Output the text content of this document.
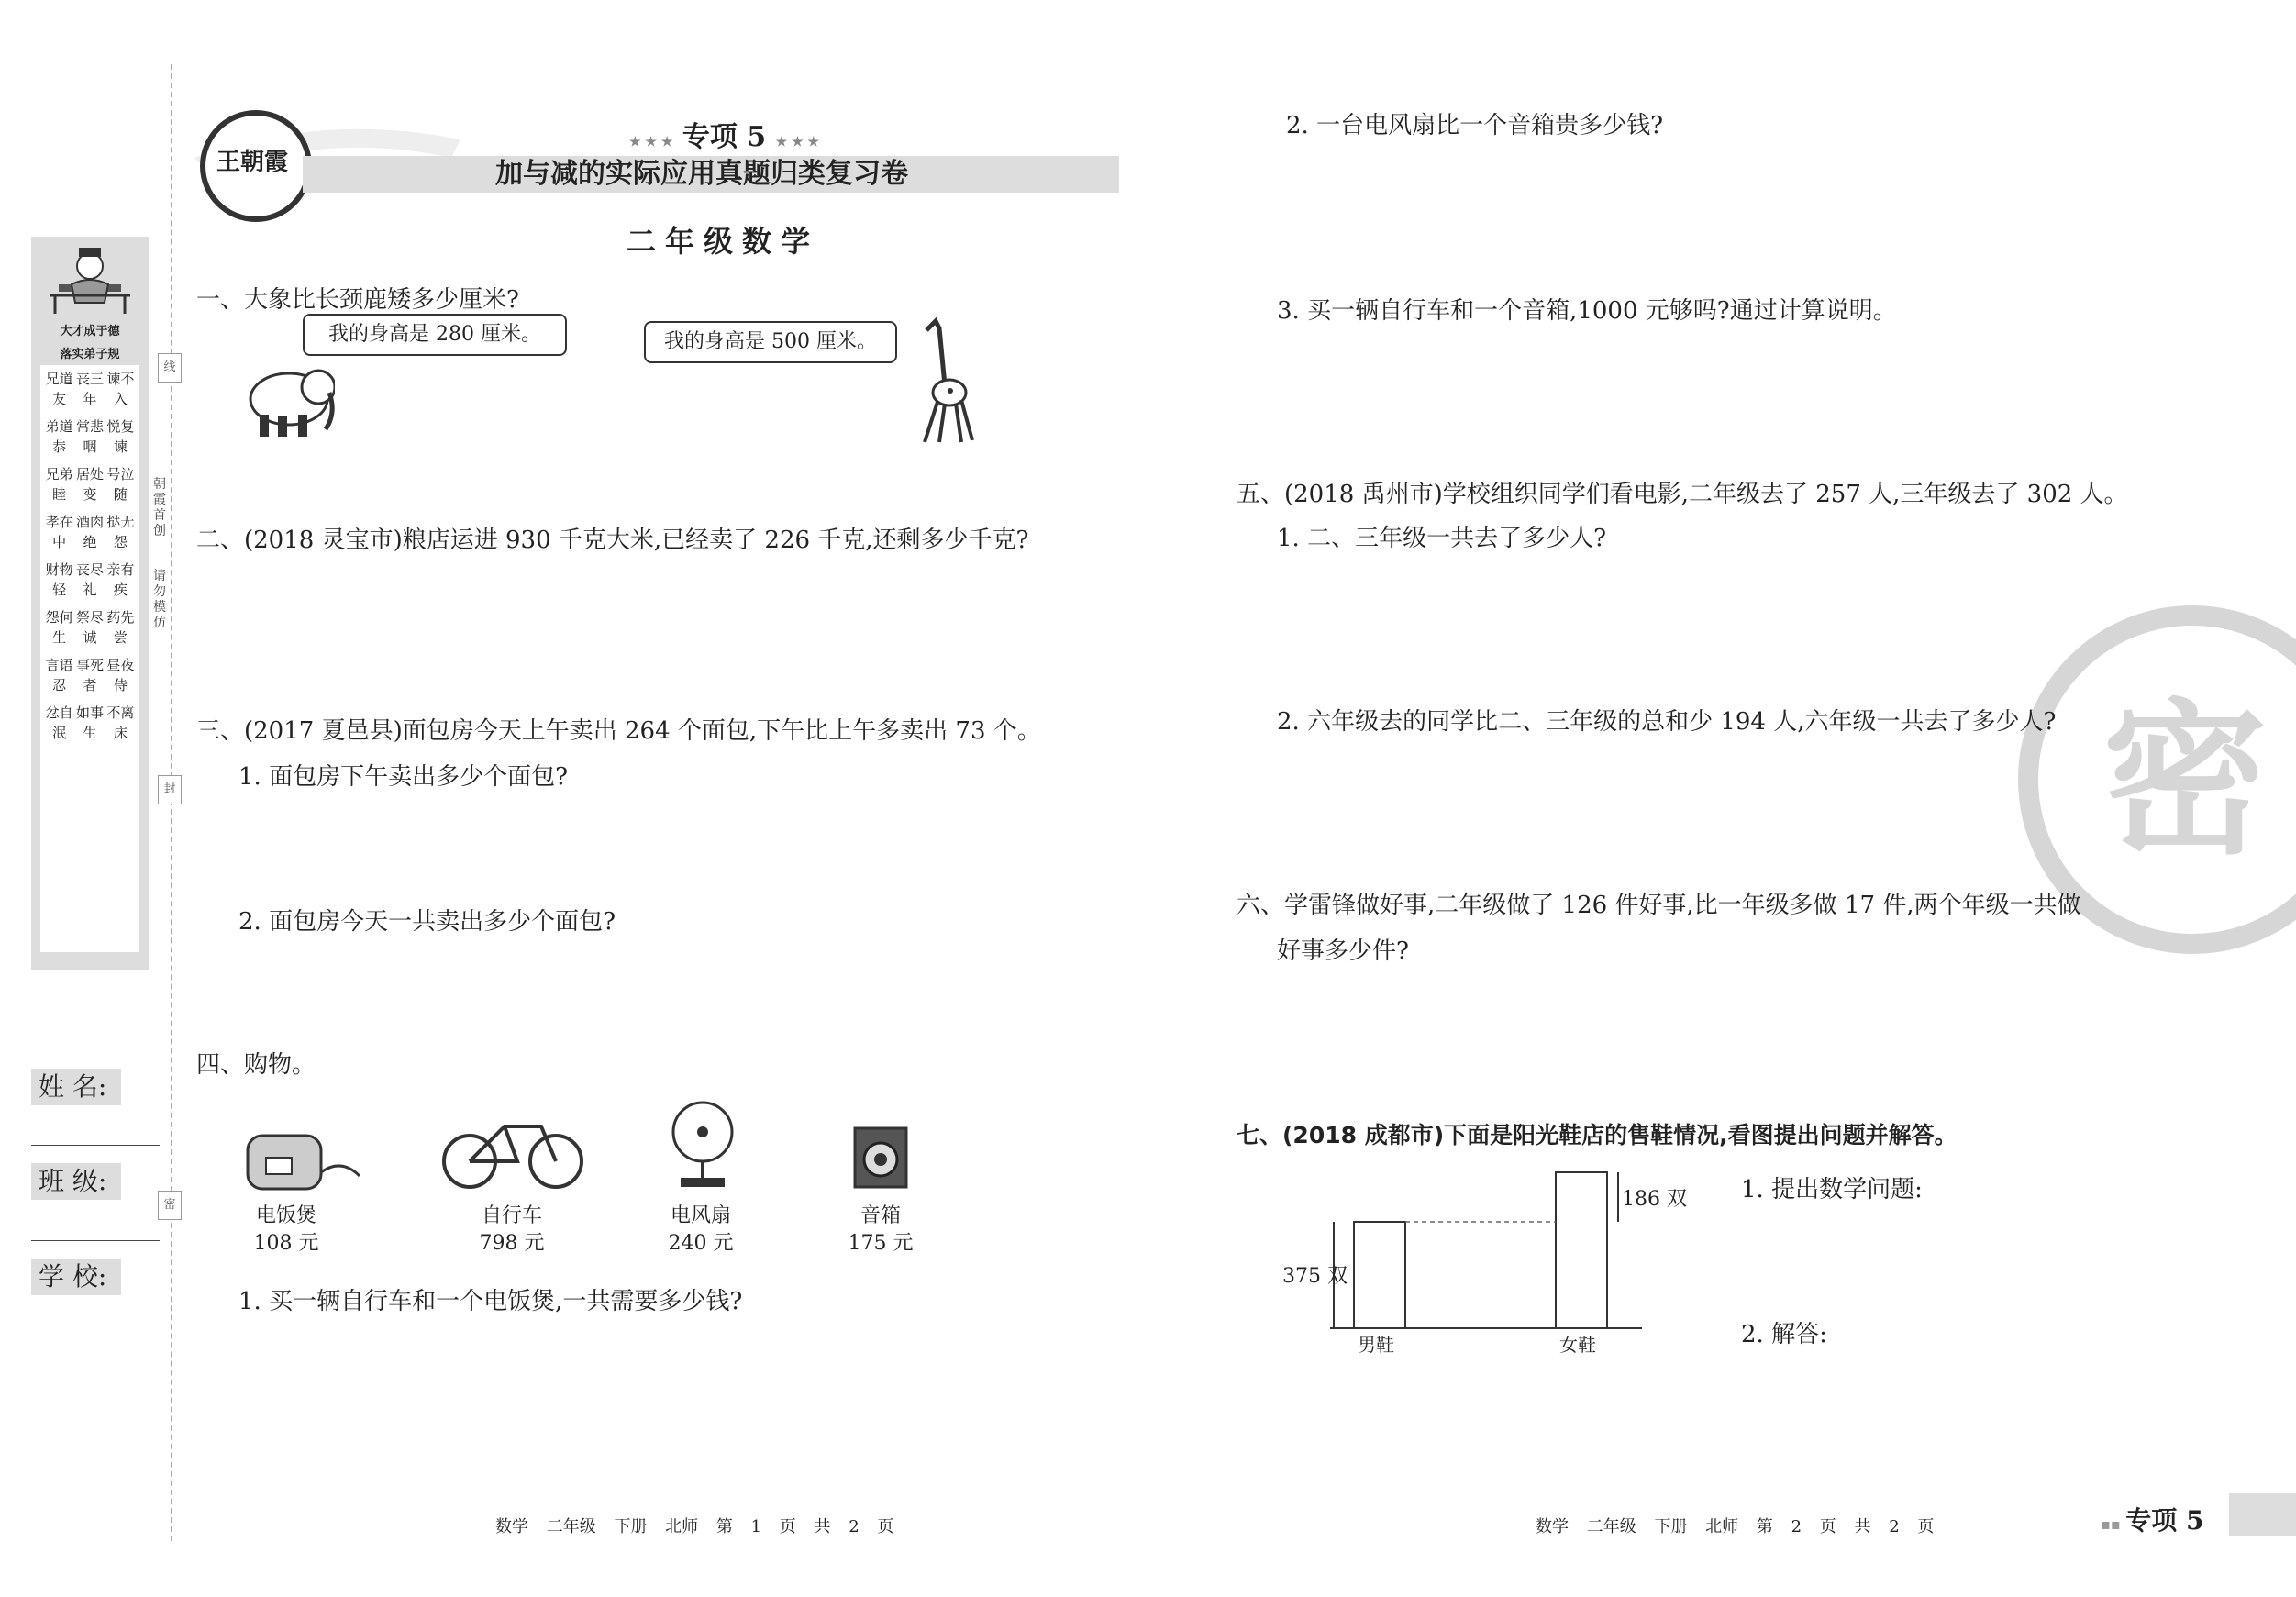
线
封
密
大才成于德
落实弟子规
兄道友
丧三年
谏不入
弟道恭
常悲咽
悦复谏
兄弟睦
居处变
号泣随
孝在中
酒肉绝
挞无怨
财物轻
丧尽礼
亲有疾
怨何生
祭尽诚
药先尝
言语忍
事死者
昼夜侍
忿自泯
如事生
不离床
朝霞首创
请勿模仿
姓 名:
班 级:
学 校:
王朝霞
★ ★ ★ 专项 5 ★ ★ ★
加与减的实际应用真题归类复习卷
二年级数学
一、大象比长颈鹿矮多少厘米?
我的身高是 280 厘米。	我的身高是 500 厘米。
二、(2018 灵宝市)粮店运进 930 千克大米,已经卖了 226 千克,还剩多少千克?
三、(2017 夏邑县)面包房今天上午卖出 264 个面包,下午比上午多卖出 73 个。
1. 面包房下午卖出多少个面包?
2. 面包房今天一共卖出多少个面包?
四、购物。
电饭煲
108 元
自行车
798 元
电风扇
240 元
音箱
175 元
1. 买一辆自行车和一个电饭煲,一共需要多少钱?
数学 二年级 下册 北师 第 1 页 共 2 页
密
2. 一台电风扇比一个音箱贵多少钱?
3. 买一辆自行车和一个音箱,1000 元够吗?通过计算说明。
五、(2018 禹州市)学校组织同学们看电影,二年级去了 257 人,三年级去了 302 人。
1. 二、三年级一共去了多少人?
2. 六年级去的同学比二、三年级的总和少 194 人,六年级一共去了多少人?
六、学雷锋做好事,二年级做了 126 件好事,比一年级多做 17 件,两个年级一共做
好事多少件?
七、(2018 成都市)下面是阳光鞋店的售鞋情况,看图提出问题并解答。
375 双
186 双
男鞋	女鞋
1. 提出数学问题:
2. 解答:
数学 二年级 下册 北师 第 2 页 共 2 页	▪▪ 专项 5
